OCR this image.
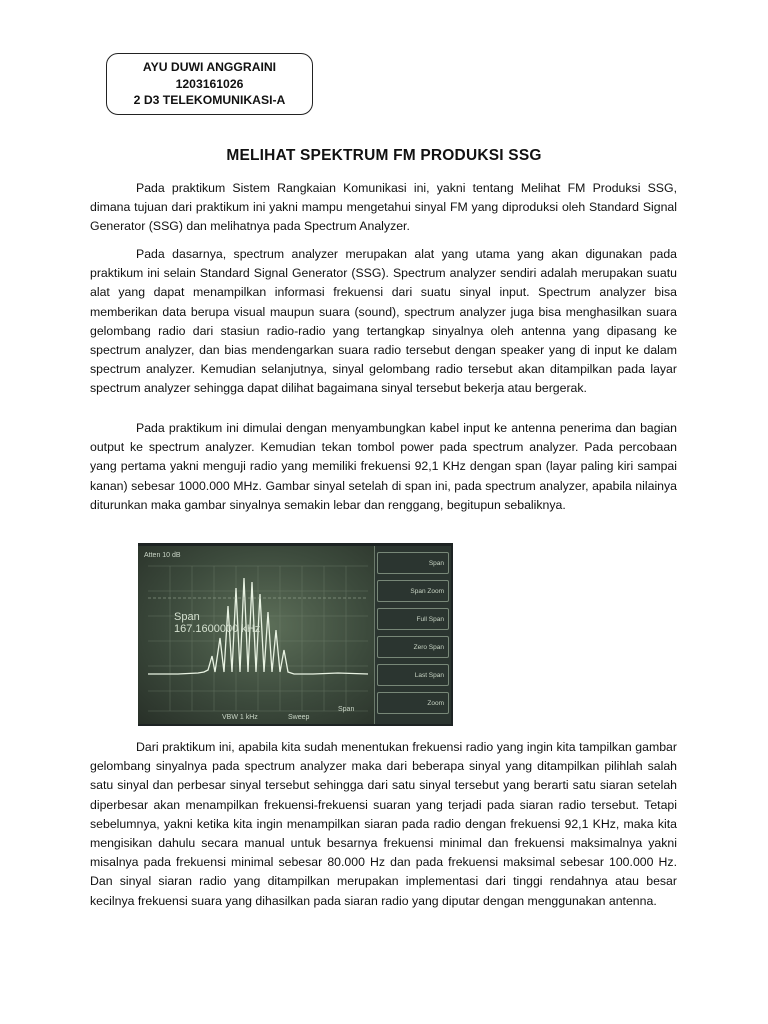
AYU DUWI ANGGRAINI
1203161026
2 D3 TELEKOMUNIKASI-A
MELIHAT SPEKTRUM FM PRODUKSI SSG

Pada praktikum Sistem Rangkaian Komunikasi ini, yakni tentang Melihat FM Produksi SSG, dimana tujuan dari praktikum ini yakni mampu mengetahui sinyal FM yang diproduksi oleh Standard Signal Generator (SSG) dan melihatnya pada Spectrum Analyzer.

Pada dasarnya, spectrum analyzer merupakan alat yang utama yang akan digunakan pada praktikum ini selain Standard Signal Generator (SSG). Spectrum analyzer sendiri adalah merupakan suatu alat yang dapat menampilkan informasi frekuensi dari suatu sinyal input. Spectrum analyzer bisa memberikan data berupa visual maupun suara (sound), spectrum analyzer juga bisa menghasilkan suara gelombang radio dari stasiun radio-radio yang tertangkap sinyalnya oleh antenna yang dipasang ke spectrum analyzer, dan bias mendengarkan suara radio tersebut dengan speaker yang di input ke dalam spectrum analyzer. Kemudian selanjutnya, sinyal gelombang radio tersebut akan ditampilkan pada layar spectrum analyzer sehingga dapat dilihat bagaimana sinyal tersebut bekerja atau bergerak.

Pada praktikum ini dimulai dengan menyambungkan kabel input ke antenna penerima dan bagian output ke spectrum analyzer. Kemudian tekan tombol power pada spectrum analyzer. Pada percobaan yang pertama yakni menguji radio yang memiliki frekuensi 92,1 KHz dengan span (layar paling kiri sampai kanan) sebesar 1000.000 MHz. Gambar sinyal setelah di span ini, pada spectrum analyzer, apabila nilainya diturunkan maka gambar sinyalnya semakin lebar dan renggang, begitupun sebaliknya.

Atten 10 dB
Span
167.1600000 kHz
VBW 1 kHz	Sweep
Span
Span
Span Zoom
Full Span
Zero Span
Last Span
Zoom

Dari praktikum ini, apabila kita sudah menentukan frekuensi radio yang ingin kita tampilkan gambar gelombang sinyalnya pada spectrum analyzer maka dari beberapa sinyal yang ditampilkan pilihlah salah satu sinyal dan perbesar sinyal tersebut sehingga dari satu sinyal tersebut yang berarti satu siaran setelah diperbesar akan menampilkan frekuensi-frekuensi suaran yang terjadi pada siaran radio tersebut. Tetapi sebelumnya, yakni ketika kita ingin menampilkan siaran pada radio dengan frekuensi 92,1 KHz, maka kita mengisikan dahulu secara manual untuk besarnya frekuensi minimal dan frekuensi maksimalnya yakni misalnya pada frekuensi minimal sebesar 80.000 Hz dan pada frekuensi maksimal sebesar 100.000 Hz. Dan sinyal siaran radio yang ditampilkan merupakan implementasi dari tinggi rendahnya atau besar kecilnya frekuensi suara yang dihasilkan pada siaran radio yang diputar dengan menggunakan antenna.
